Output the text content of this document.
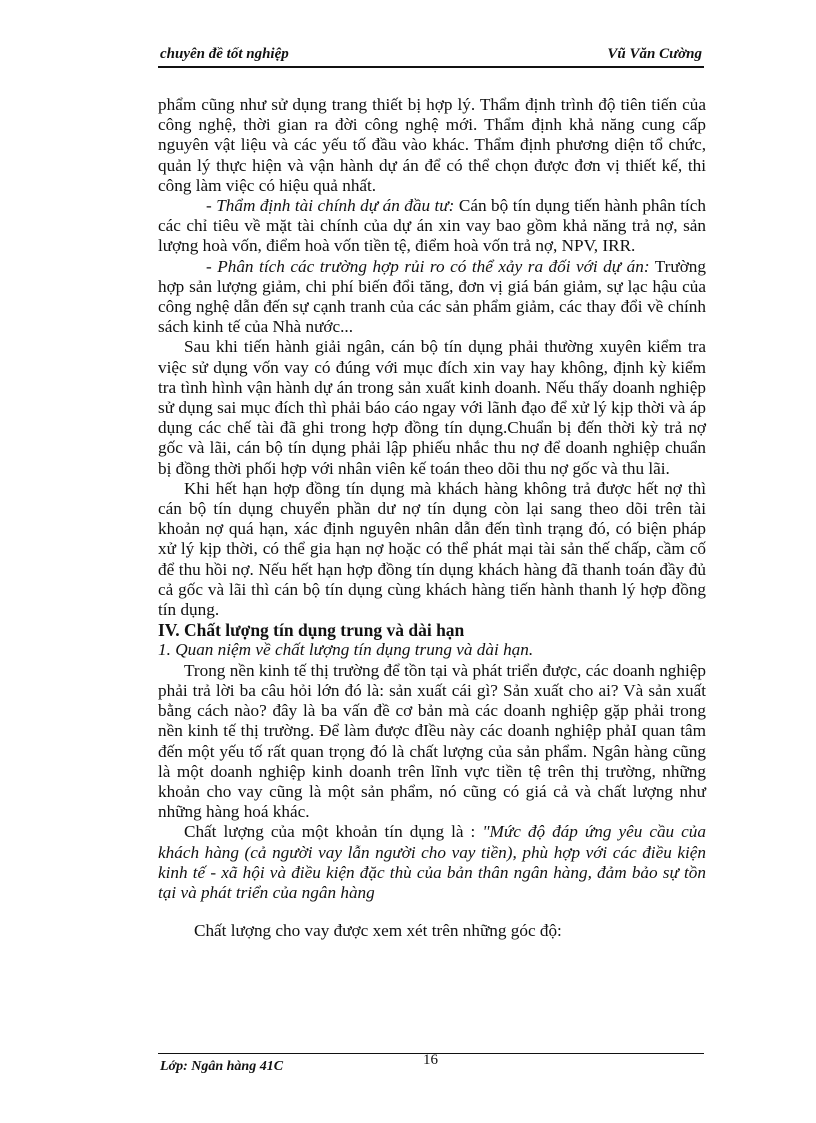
chuyên đề tốt nghiệp	Vũ Văn Cường

phẩm cũng như sử dụng trang thiết bị hợp lý. Thẩm định trình độ tiên tiến của công nghệ, thời gian ra đời công nghệ mới. Thẩm định khả năng cung cấp nguyên vật liệu và các yếu tố đầu vào khác. Thẩm định phương diện tổ chức, quản lý thực hiện và vận hành dự án để có thể chọn được đơn vị thiết kế, thi công làm việc có hiệu quả nhất.

- Thẩm định tài chính dự án đầu tư: Cán bộ tín dụng tiến hành phân tích các chỉ tiêu về mặt tài chính của dự án xin vay bao gồm khả năng trả nợ, sản lượng hoà vốn, điểm hoà vốn tiền tệ, điểm hoà vốn trả nợ, NPV, IRR.

- Phân tích các trường hợp rủi ro có thể xảy ra đối với dự án: Trường hợp sản lượng giảm, chi phí biến đổi tăng, đơn vị giá bán giảm, sự lạc hậu của công nghệ dẫn đến sự cạnh tranh của các sản phẩm giảm, các thay đổi về chính sách kinh tế của Nhà nước...

Sau khi tiến hành giải ngân, cán bộ tín dụng phải thường xuyên kiểm tra việc sử dụng vốn vay có đúng với mục đích xin vay hay không, định kỳ kiểm tra tình hình vận hành dự án trong sản xuất kinh doanh. Nếu thấy doanh nghiệp sử dụng sai mục đích thì phải báo cáo ngay với lãnh đạo để xử lý kịp thời và áp dụng các chế tài đã ghi trong hợp đồng tín dụng.Chuẩn bị đến thời kỳ trả nợ gốc và lãi, cán bộ tín dụng phải lập phiếu nhắc thu nợ để doanh nghiệp chuẩn bị đồng thời phối hợp với nhân viên kế toán theo dõi thu nợ gốc và thu lãi.

Khi hết hạn hợp đồng tín dụng mà khách hàng không trả được hết nợ thì cán bộ tín dụng chuyển phần dư nợ tín dụng còn lại sang theo dõi trên tài khoản nợ quá hạn, xác định nguyên nhân dẫn đến tình trạng đó, có biện pháp xử lý kịp thời, có thể gia hạn nợ hoặc có thể phát mại tài sản thế chấp, cầm cố để thu hồi nợ. Nếu hết hạn hợp đồng tín dụng khách hàng đã thanh toán đầy đủ cả gốc và lãi thì cán bộ tín dụng cùng khách hàng tiến hành thanh lý hợp đồng tín dụng.

IV. Chất lượng tín dụng trung và dài hạn

1. Quan niệm về chất lượng tín dụng trung và dài hạn.

Trong nền kinh tế thị trường để tồn tại và phát triển được, các doanh nghiệp phải trả lời ba câu hỏi lớn đó là: sản xuất cái gì? Sản xuất cho ai? Và sản xuất bằng cách nào? đây là ba vấn đề cơ bản mà các doanh nghiệp gặp phải trong nền kinh tế thị trường. Để làm được đIều này các doanh nghiệp phảI quan tâm đến một yếu tố rất quan trọng đó là chất lượng của sản phẩm. Ngân hàng cũng là một doanh nghiệp kinh doanh trên lĩnh vực tiền tệ trên thị trường, những khoản cho vay cũng là một sản phẩm, nó cũng có giá cả và chất lượng như những hàng hoá khác.

Chất lượng của một khoản tín dụng là : "Mức độ đáp ứng yêu cầu của khách hàng (cả người vay lẫn người cho vay tiền), phù hợp với các điều kiện kinh tế - xã hội và điều kiện đặc thù của bản thân ngân hàng, đảm bảo sự tồn tại và phát triển của ngân hàng

Chất lượng cho vay được xem xét trên những góc độ:

Lớp: Ngân hàng 41C	16
